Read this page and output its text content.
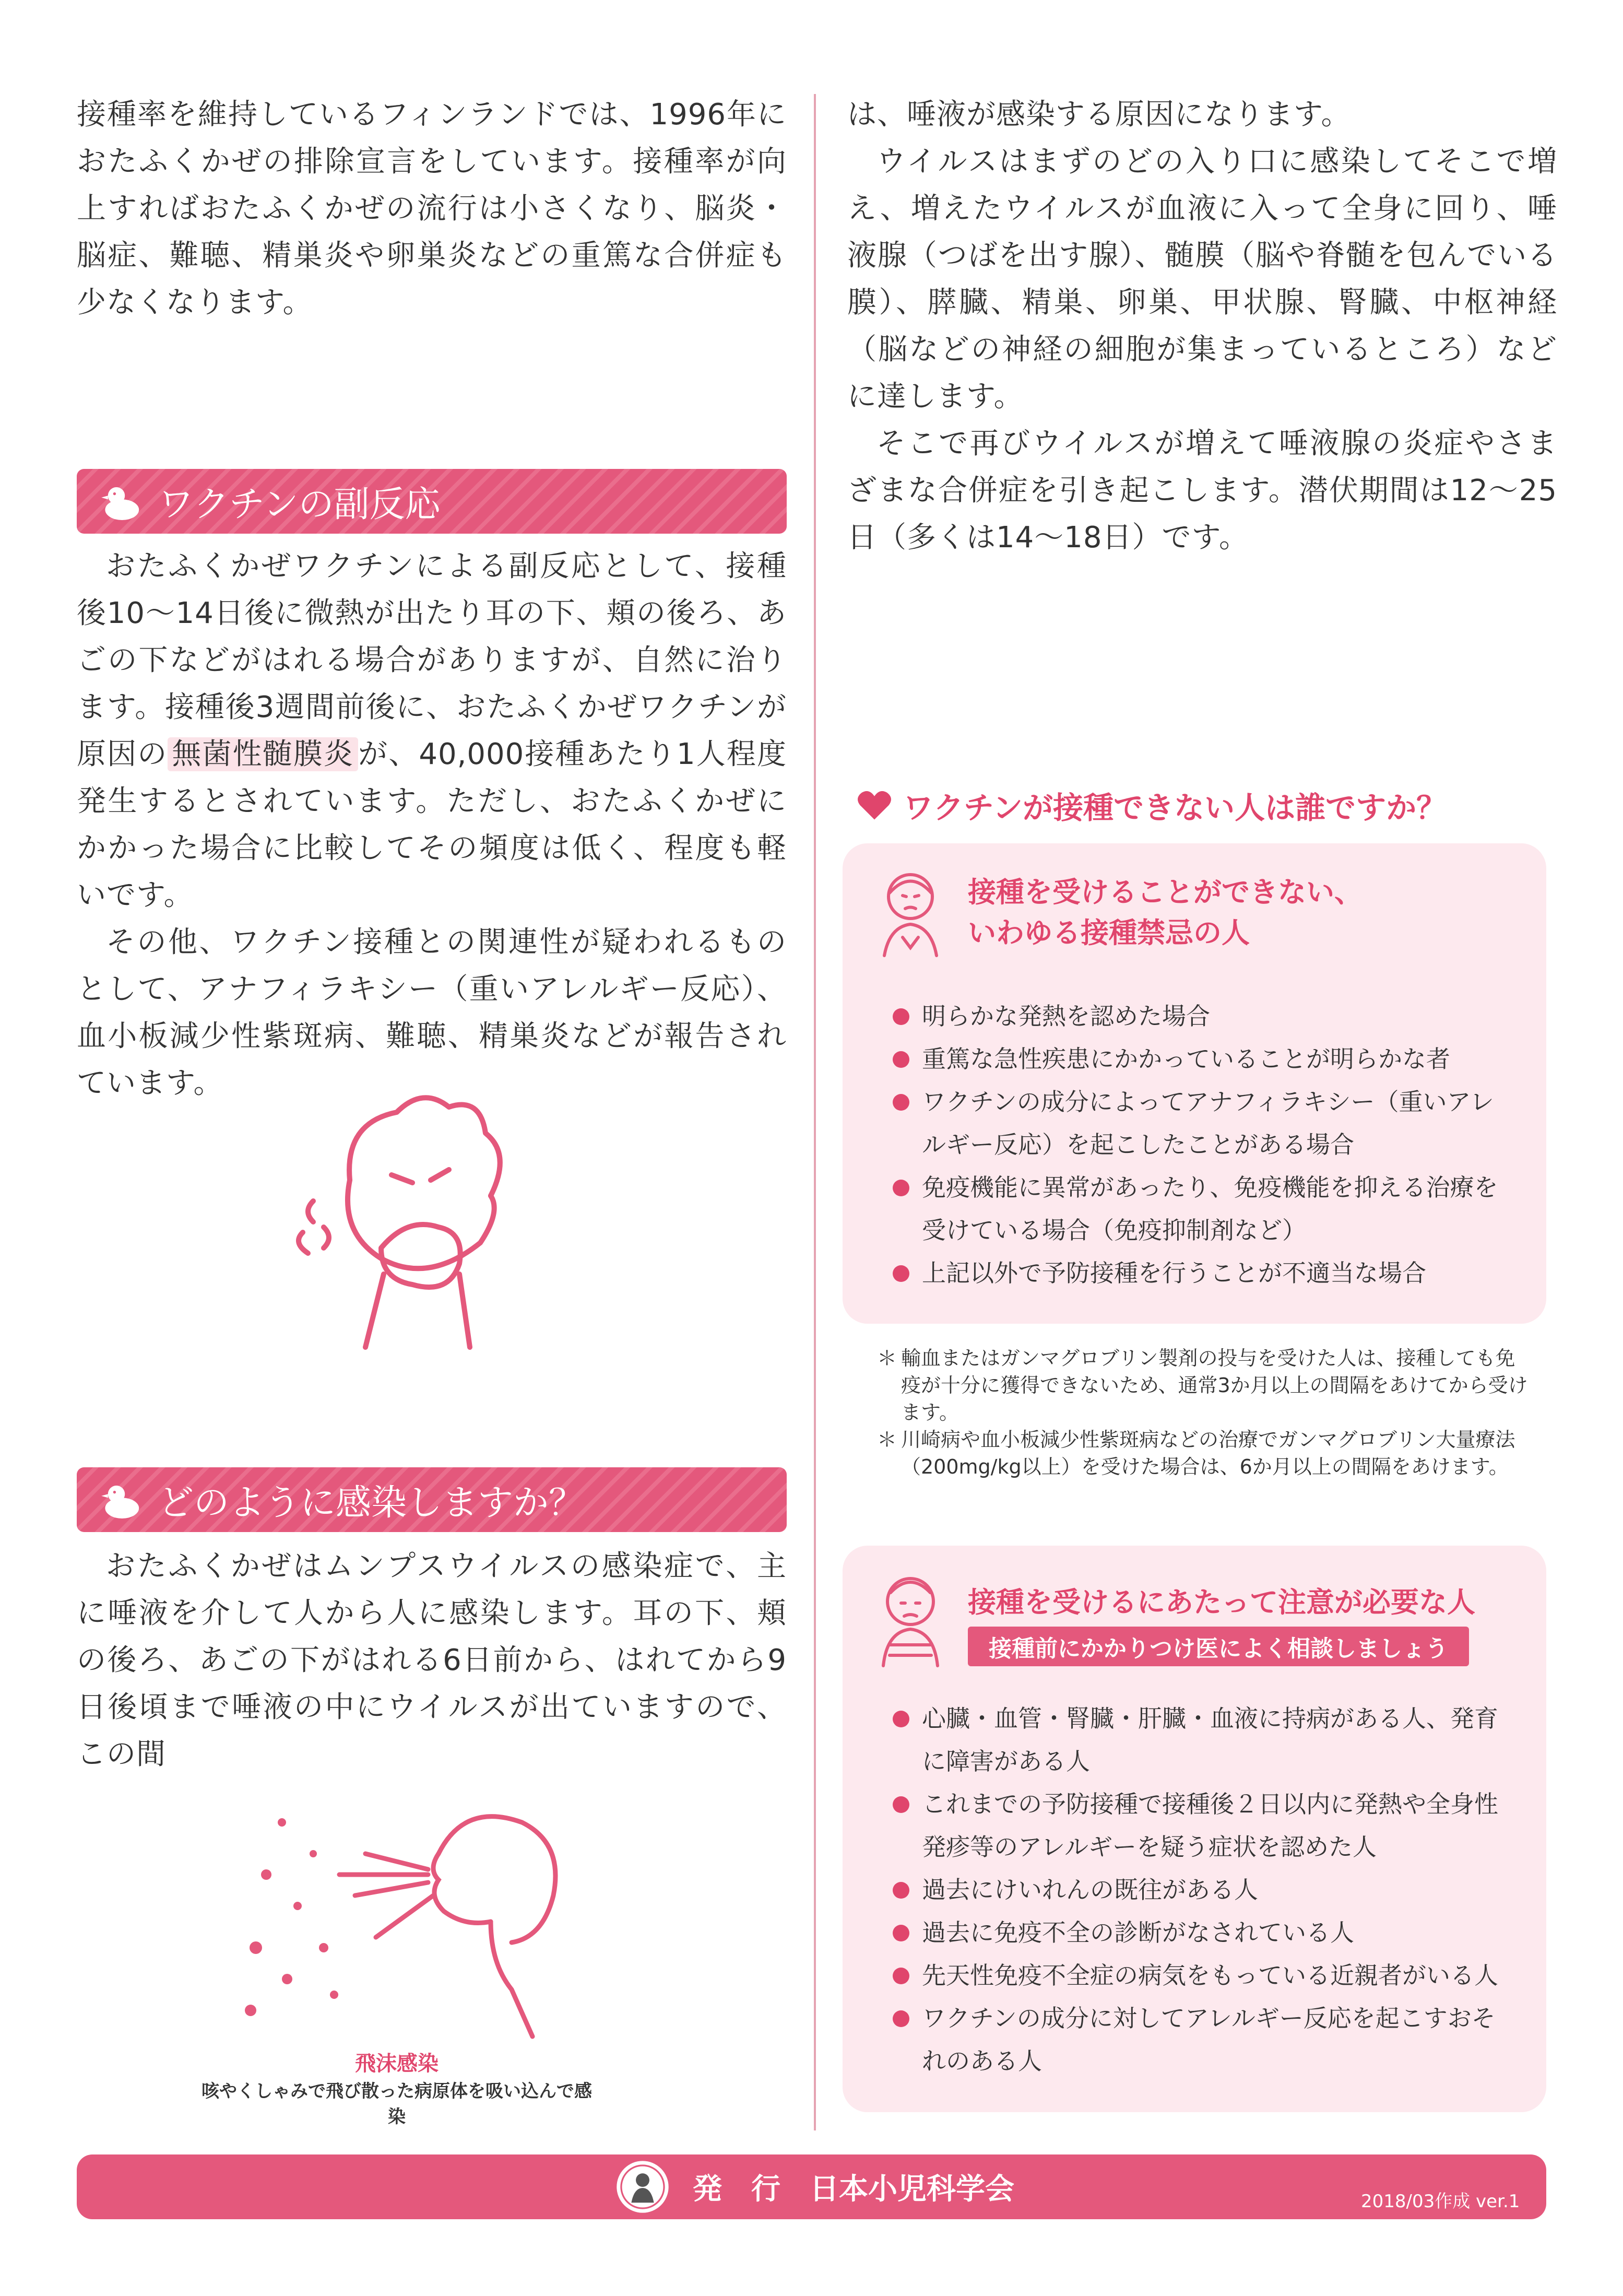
接種率を維持しているフィンランドでは、1996年におたふくかぜの排除宣言をしています。接種率が向上すればおたふくかぜの流行は小さくなり、脳炎・脳症、難聴、精巣炎や卵巣炎などの重篤な合併症も少なくなります。

ワクチンの副反応

おたふくかぜワクチンによる副反応として、接種後10〜14日後に微熱が出たり耳の下、頬の後ろ、あごの下などがはれる場合がありますが、自然に治ります。接種後3週間前後に、おたふくかぜワクチンが原因の 無菌性髄膜炎 が、40,000接種あたり1人程度発生するとされています。ただし、おたふくかぜにかかった場合に比較してその頻度は低く、程度も軽いです。

その他、ワクチン接種との関連性が疑われるものとして、アナフィラキシー（重いアレルギー反応）、血小板減少性紫斑病、難聴、精巣炎などが報告されています。

どのように感染しますか？

おたふくかぜはムンプスウイルスの感染症で、主に唾液を介して人から人に感染します。耳の下、頬の後ろ、あごの下がはれる6日前から、はれてから9日後頃まで唾液の中にウイルスが出ていますので、この間

飛沫感染
咳やくしゃみで飛び散った病原体を吸い込んで感染

は、唾液が感染する原因になります。

ウイルスはまずのどの入り口に感染してそこで増え、増えたウイルスが血液に入って全身に回り、唾液腺（つばを出す腺）、髄膜（脳や脊髄を包んでいる膜）、膵臓、精巣、卵巣、甲状腺、腎臓、中枢神経（脳などの神経の細胞が集まっているところ）などに達します。

そこで再びウイルスが増えて唾液腺の炎症やさまざまな合併症を引き起こします。潜伏期間は12〜25日（多くは14〜18日）です。

ワクチンが接種できない人は誰ですか？
接種を受けることができない、
いわゆる接種禁忌の人
明らかな発熱を認めた場合
重篤な急性疾患にかかっていることが明らかな者
ワクチンの成分によってアナフィラキシー（重いアレルギー反応）を起こしたことがある場合
免疫機能に異常があったり、免疫機能を抑える治療を受けている場合（免疫抑制剤など）
上記以外で予防接種を行うことが不適当な場合
＊ 輸血またはガンマグロブリン製剤の投与を受けた人は、接種しても免疫が十分に獲得できないため、通常3か月以上の間隔をあけてから受けます。
＊ 川崎病や血小板減少性紫斑病などの治療でガンマグロブリン大量療法（200mg/kg以上）を受けた場合は、6か月以上の間隔をあけます。
接種を受けるにあたって注意が必要な人
接種前にかかりつけ医によく相談しましょう
心臓・血管・腎臓・肝臓・血液に持病がある人、発育に障害がある人
これまでの予防接種で接種後２日以内に発熱や全身性発疹等のアレルギーを疑う症状を認めた人
過去にけいれんの既往がある人
過去に免疫不全の診断がなされている人
先天性免疫不全症の病気をもっている近親者がいる人
ワクチンの成分に対してアレルギー反応を起こすおそれのある人
発　行　日本小児科学会	2018/03作成 ver.1
